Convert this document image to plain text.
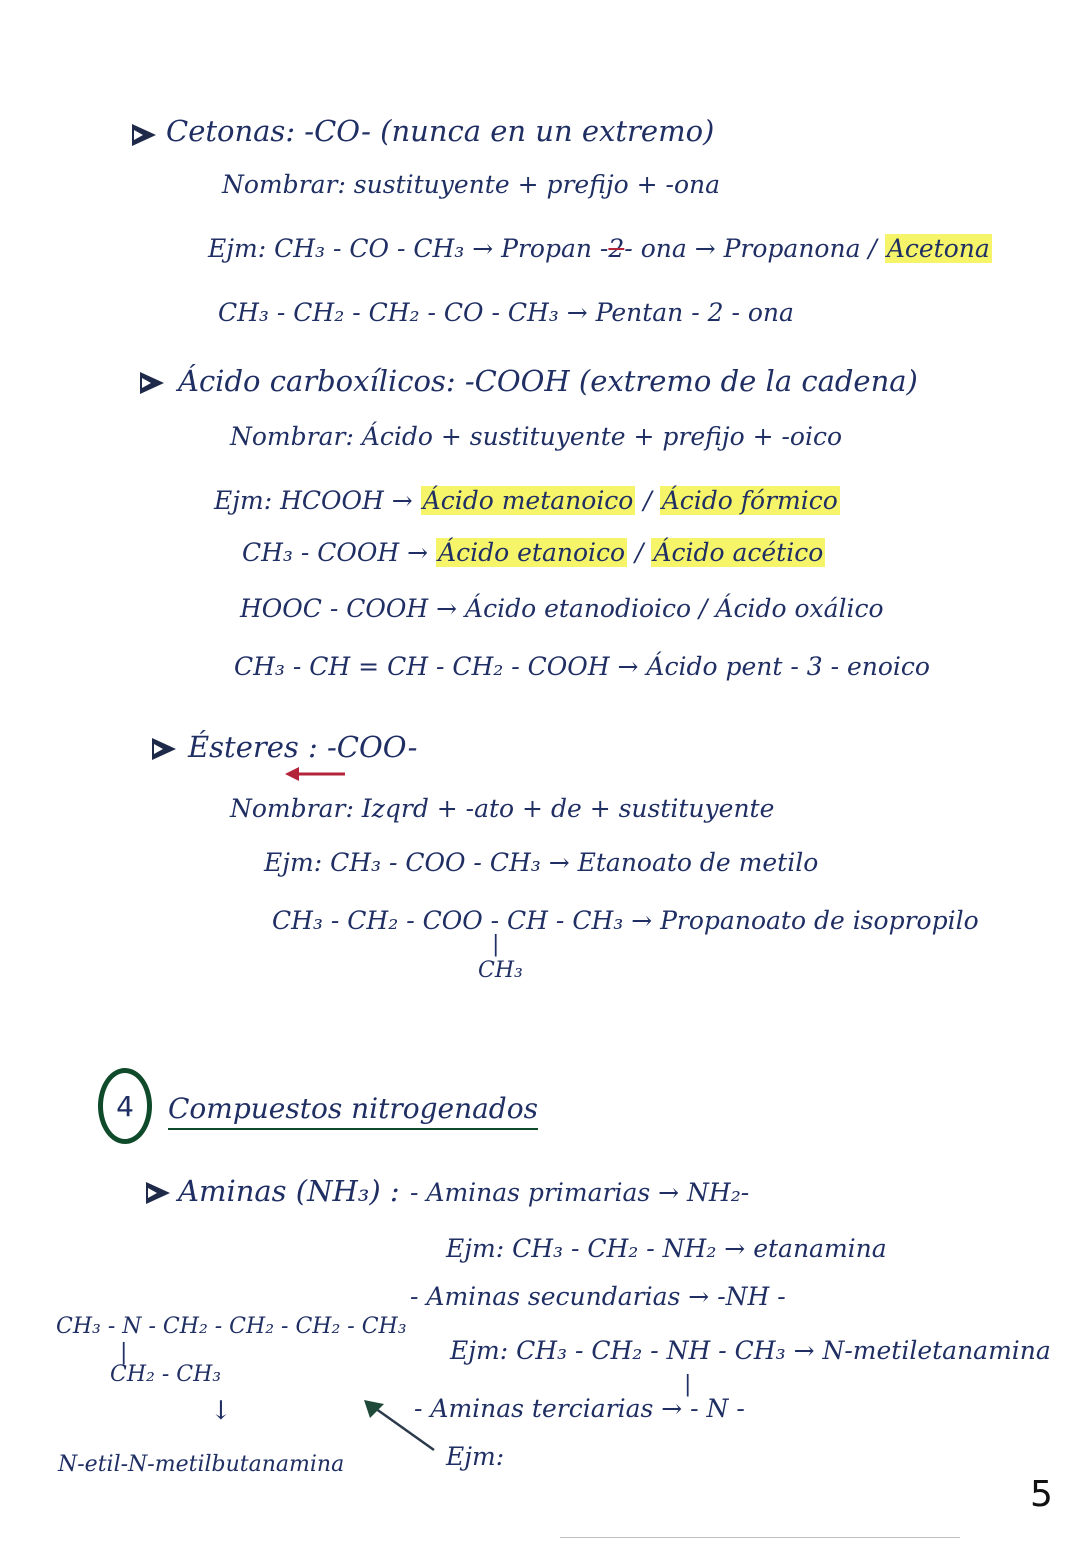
Cetonas: -CO- (nunca en un extremo)
Nombrar: sustituyente + prefijo + -ona
Ejm: CH₃ - CO - CH₃ → Propan -2- ona → Propanona / Acetona
CH₃ - CH₂ - CH₂ - CO - CH₃ → Pentan - 2 - ona
Ácido carboxílicos: -COOH (extremo de la cadena)
Nombrar: Ácido + sustituyente + prefijo + -oico
Ejm: HCOOH → Ácido metanoico / Ácido fórmico
CH₃ - COOH → Ácido etanoico / Ácido acético
HOOC - COOH → Ácido etanodioico / Ácido oxálico
CH₃ - CH = CH - CH₂ - COOH → Ácido pent - 3 - enoico
Ésteres : -COO-
Nombrar: Izqrd + -ato + de + sustituyente
Ejm: CH₃ - COO - CH₃ → Etanoato de metilo
CH₃ - CH₂ - COO - CH - CH₃ → Propanoato de isopropilo
|
CH₃
4 Compuestos nitrogenados
Aminas (NH₃) : - Aminas primarias → NH₂-
Ejm: CH₃ - CH₂ - NH₂ → etanamina
- Aminas secundarias → -NH -
Ejm: CH₃ - CH₂ - NH - CH₃ → N-metiletanamina
|
- Aminas terciarias → - N -
Ejm:
CH₃ - N - CH₂ - CH₂ - CH₂ - CH₃
|
CH₂ - CH₃
↓
N-etil-N-metilbutanamina
5
